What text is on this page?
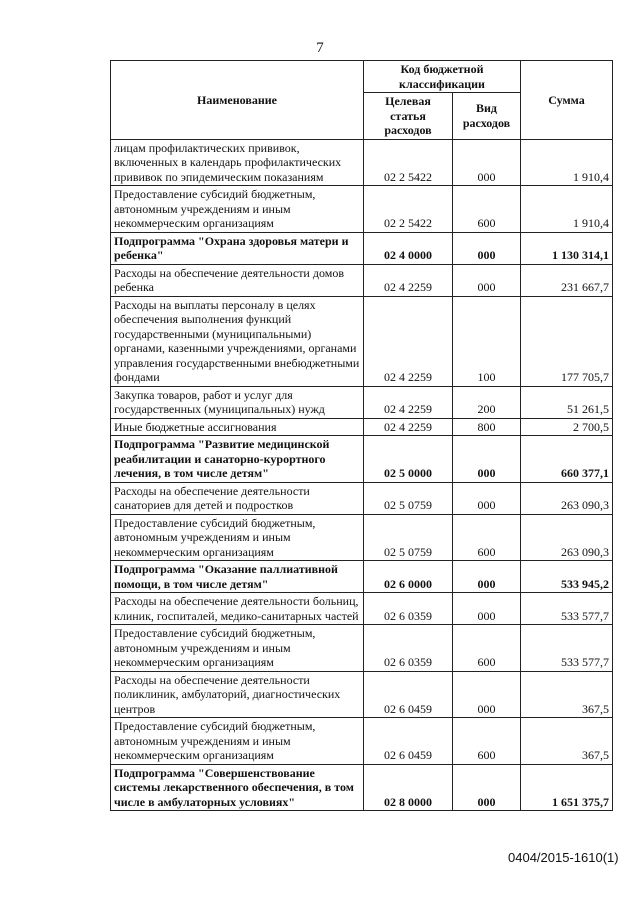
7
Наименование	Код бюджетной классификации		Сумма
	Целевая статья расходов	Вид расходов	
лицам профилактических прививок, включенных в календарь профилактических прививок по эпидемическим показаниям	02 2 5422	000	1 910,4
Предоставление субсидий бюджетным, автономным учреждениям и иным некоммерческим организациям	02 2 5422	600	1 910,4
Подпрограмма "Охрана здоровья матери и ребенка"	02 4 0000	000	1 130 314,1
Расходы на обеспечение деятельности домов ребенка	02 4 2259	000	231 667,7
Расходы на выплаты персоналу в целях обеспечения выполнения функций государственными (муниципальными) органами, казенными учреждениями, органами управления государственными внебюджетными фондами	02 4 2259	100	177 705,7
Закупка товаров, работ и услуг для государственных (муниципальных) нужд	02 4 2259	200	51 261,5
Иные бюджетные ассигнования	02 4 2259	800	2 700,5
Подпрограмма "Развитие медицинской реабилитации и санаторно-курортного лечения, в том числе детям"	02 5 0000	000	660 377,1
Расходы на обеспечение деятельности санаториев для детей и подростков	02 5 0759	000	263 090,3
Предоставление субсидий бюджетным, автономным учреждениям и иным некоммерческим организациям	02 5 0759	600	263 090,3
Подпрограмма "Оказание паллиативной помощи, в том числе детям"	02 6 0000	000	533 945,2
Расходы на обеспечение деятельности больниц, клиник, госпиталей, медико-санитарных частей	02 6 0359	000	533 577,7
Предоставление субсидий бюджетным, автономным учреждениям и иным некоммерческим организациям	02 6 0359	600	533 577,7
Расходы на обеспечение деятельности поликлиник, амбулаторий, диагностических центров	02 6 0459	000	367,5
Предоставление субсидий бюджетным, автономным учреждениям и иным некоммерческим организациям	02 6 0459	600	367,5
Подпрограмма "Совершенствование системы лекарственного обеспечения, в том числе в амбулаторных условиях"	02 8 0000	000	1 651 375,7
0404/2015-1610(1)
